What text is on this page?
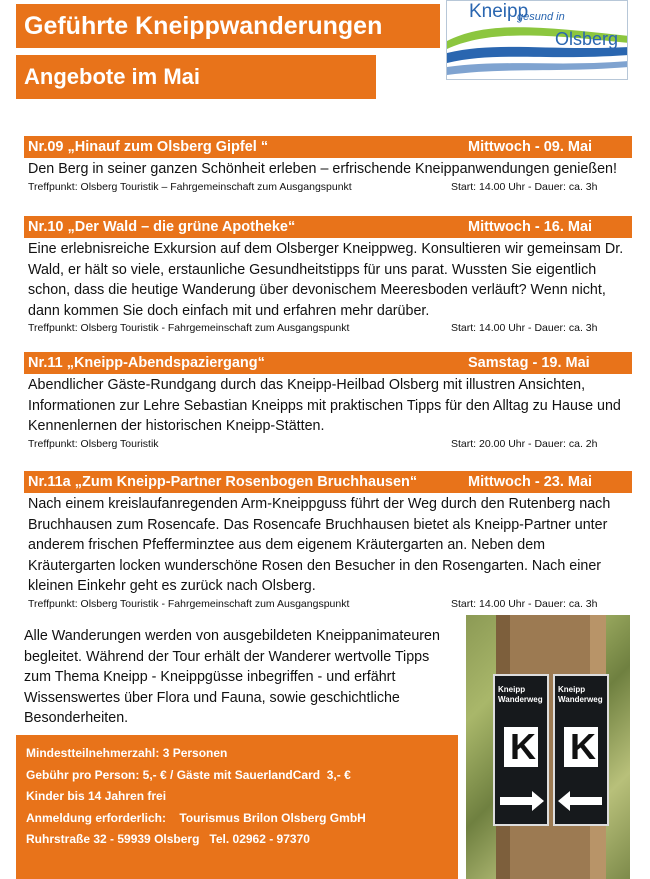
Geführte Kneippwanderungen
Angebote im Mai
Kneipp
gesund in
Olsberg
Nr.09 „Hinauf zum Olsberg Gipfel “	Mittwoch - 09. Mai
Den Berg in seiner ganzen Schönheit erleben – erfrischende Kneippanwendungen genießen!
Treffpunkt: Olsberg Touristik – Fahrgemeinschaft zum Ausgangspunkt	Start: 14.00 Uhr - Dauer: ca. 3h
Nr.10 „Der Wald – die grüne Apotheke“	Mittwoch - 16. Mai
Eine erlebnisreiche Exkursion auf dem Olsberger Kneippweg. Konsultieren wir gemeinsam Dr. Wald, er hält so viele, erstaunliche Gesundheitstipps für uns parat. Wussten Sie eigentlich schon, dass die heutige Wanderung über devonischem Meeresboden verläuft? Wenn nicht, dann kommen Sie doch einfach mit und erfahren mehr darüber.
Treffpunkt: Olsberg Touristik - Fahrgemeinschaft zum Ausgangspunkt	Start: 14.00 Uhr - Dauer: ca. 3h
Nr.11 „Kneipp-Abendspaziergang“	Samstag - 19. Mai
Abendlicher Gäste-Rundgang durch das Kneipp-Heilbad Olsberg mit illustren Ansichten, Informationen zur Lehre Sebastian Kneipps mit praktischen Tipps für den Alltag zu Hause und Kennenlernen der historischen Kneipp-Stätten.
Treffpunkt: Olsberg Touristik	Start: 20.00 Uhr - Dauer: ca. 2h
Nr.11a „Zum Kneipp-Partner Rosenbogen Bruchhausen“	Mittwoch - 23. Mai
Nach einem kreislaufanregenden Arm-Kneippguss führt der Weg durch den Rutenberg nach Bruchhausen zum Rosencafe. Das Rosencafe Bruchhausen bietet als Kneipp-Partner unter anderem frischen Pfefferminztee aus dem eigenem Kräutergarten an. Neben dem Kräutergarten locken wunderschöne Rosen den Besucher in den Rosengarten. Nach einer kleinen Einkehr geht es zurück nach Olsberg.
Treffpunkt: Olsberg Touristik - Fahrgemeinschaft zum Ausgangspunkt	Start: 14.00 Uhr - Dauer: ca. 3h
Alle Wanderungen werden von ausgebildeten Kneippanimateuren begleitet. Während der Tour erhält der Wanderer wertvolle Tipps zum Thema Kneipp - Kneippgüsse inbegriffen - und erfährt Wissenswertes über Flora und Fauna, sowie geschichtliche Besonderheiten.
Mindestteilnehmerzahl: 3 Personen
Gebühr pro Person: 5,- € / Gäste mit SauerlandCard  3,- €
Kinder bis 14 Jahren frei
Anmeldung erforderlich:    Tourismus Brilon Olsberg GmbH
Ruhrstraße 32 - 59939 Olsberg   Tel. 02962 - 97370
Kneipp
Wanderweg
Kneipp
Wanderweg
K K
